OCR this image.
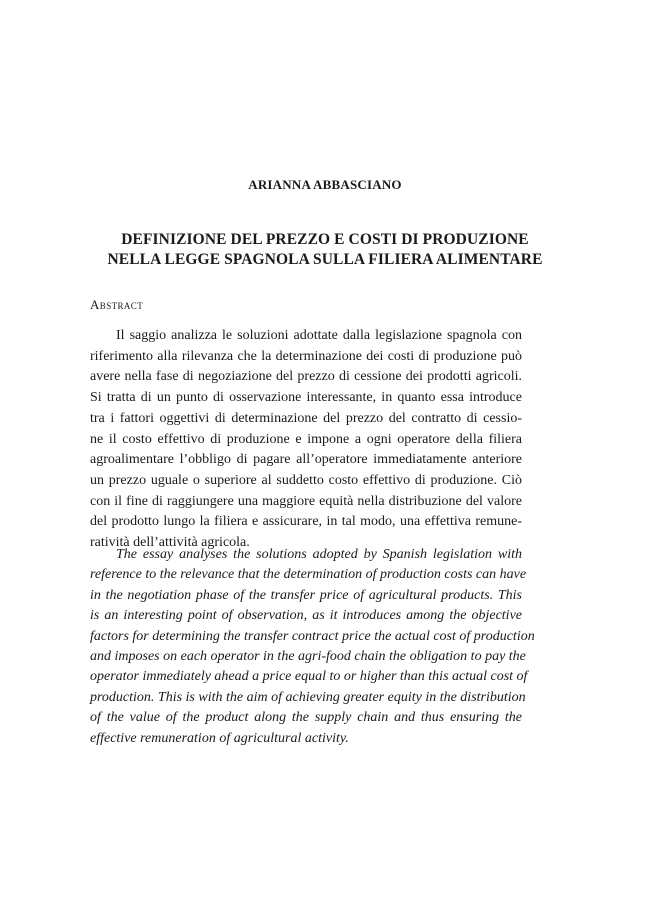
ARIANNA ABBASCIANO
DEFINIZIONE DEL PREZZO E COSTI DI PRODUZIONE
NELLA LEGGE SPAGNOLA SULLA FILIERA ALIMENTARE
Abstract
Il saggio analizza le soluzioni adottate dalla legislazione spagnola con
riferimento alla rilevanza che la determinazione dei costi di produzione può
avere nella fase di negoziazione del prezzo di cessione dei prodotti agricoli.
Si tratta di un punto di osservazione interessante, in quanto essa introduce
tra i fattori oggettivi di determinazione del prezzo del contratto di cessio-
ne il costo effettivo di produzione e impone a ogni operatore della filiera
agroalimentare l’obbligo di pagare all’operatore immediatamente anteriore
un prezzo uguale o superiore al suddetto costo effettivo di produzione. Ciò
con il fine di raggiungere una maggiore equità nella distribuzione del valore
del prodotto lungo la filiera e assicurare, in tal modo, una effettiva remune-
ratività dell’attività agricola.
The essay analyses the solutions adopted by Spanish legislation with
reference to the relevance that the determination of production costs can have
in the negotiation phase of the transfer price of agricultural products. This
is an interesting point of observation, as it introduces among the objective
factors for determining the transfer contract price the actual cost of production
and imposes on each operator in the agri-food chain the obligation to pay the
operator immediately ahead a price equal to or higher than this actual cost of
production. This is with the aim of achieving greater equity in the distribution
of the value of the product along the supply chain and thus ensuring the
effective remuneration of agricultural activity.
